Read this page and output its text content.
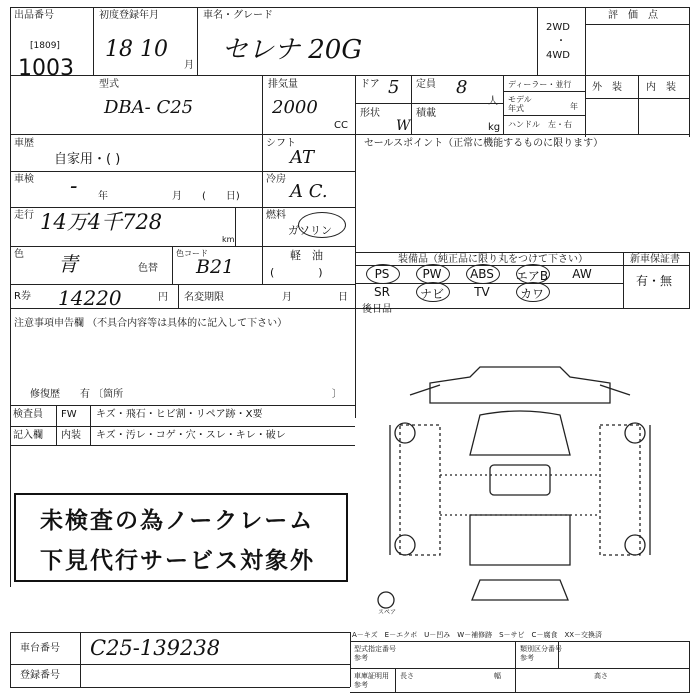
出品番号
[1809]
1003
初度登録年月
18 10
月
車名・グレード
セレナ 20G
2WD
・
4WD
評　価　点
外　装 内　装
型式
DBA- C25
排気量
2000
CC
ドア 5 定員 8
人
形状
W
積載
kg
ディーラー・並行
モデル
年式	年
ハンドル　左・右
車歴
自家用・( )
シフト
AT
セールスポイント（正常に機能するものに限ります）
車検 - 年	月 (　　日)
冷房
A C.
走行 14万4千728
km
燃料
ガソリン
軽　油
(　　　　)
色 青	色替
色コード
B21
R券 14220	円 名変期限	月	日
注意事項申告欄 （不具合内容等は具体的に記入して下さい）
修復歴　　有 〔箇所	〕
検査員
記入欄
FW キズ・飛石・ヒビ割・リペア跡・X要
内装 キズ・汚レ・コゲ・穴・スレ・キレ・破レ
未検査の為ノークレーム
下見代行サービス対象外
装備品（純正品に限り丸をつけて下さい）	新車保証書
有・無
PS	PW	ABS	エアB	AW
SR	ナビ	TV	カワ
後日品
スペア
A－キズ　E－エクボ　U－凹み　W－補修跡　S－サビ　C－腐食　XX－交換済
車台番号 C25-139238
登録番号
型式指定番号
参考
類別区分番号
参考
車庫証明用
参考
長さ	幅	高さ
